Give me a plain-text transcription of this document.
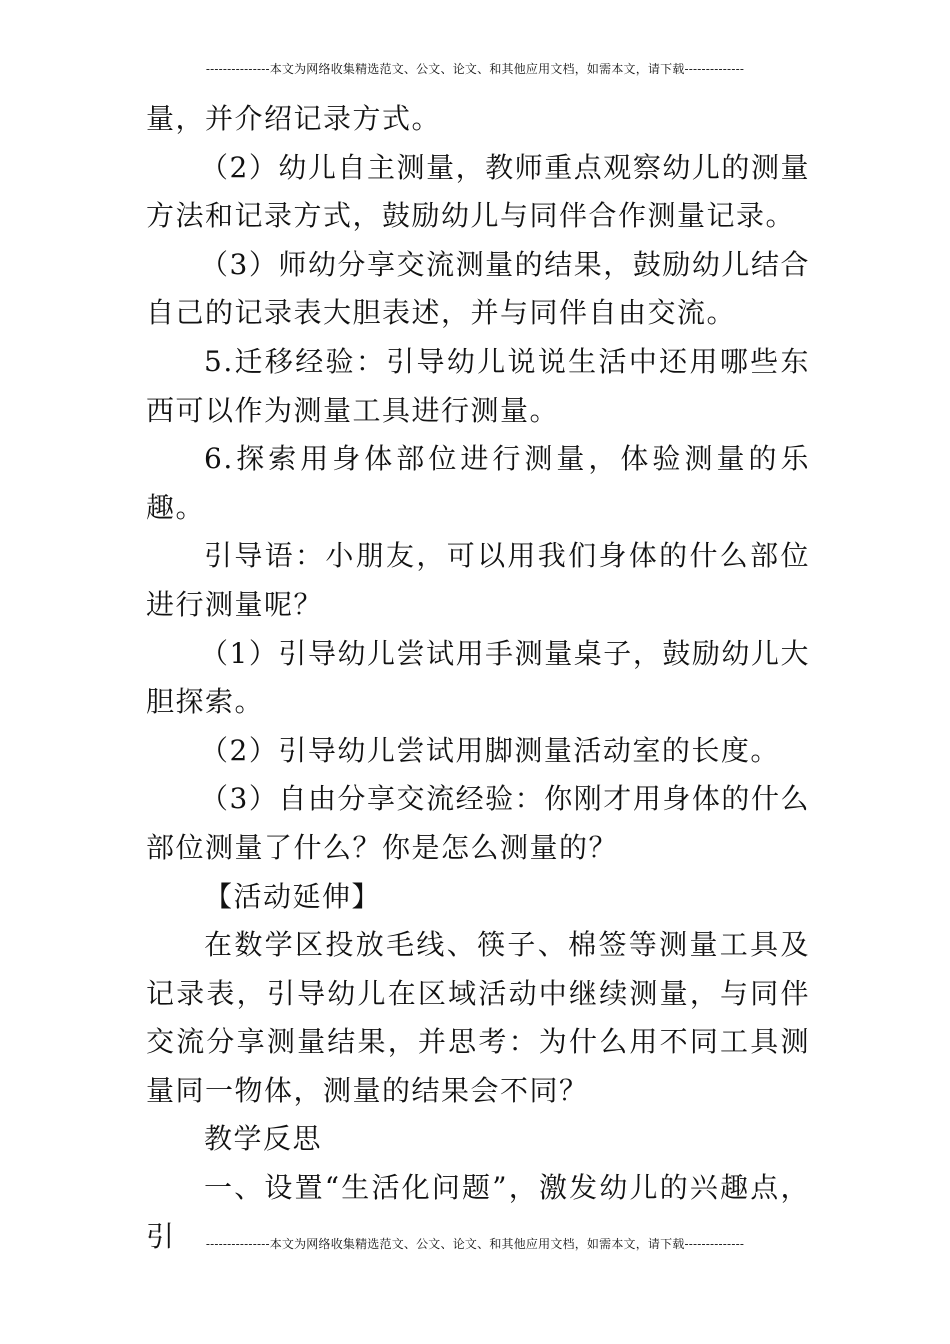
---------------本文为网络收集精选范文、公文、论文、和其他应用文档，如需本文，请下载--------------

量，并介绍记录方式。

（2）幼儿自主测量，教师重点观察幼儿的测量方法和记录方式，鼓励幼儿与同伴合作测量记录。

（3）师幼分享交流测量的结果，鼓励幼儿结合自己的记录表大胆表述，并与同伴自由交流。

5.迁移经验：引导幼儿说说生活中还用哪些东西可以作为测量工具进行测量。

6.探索用身体部位进行测量，体验测量的乐趣。

引导语：小朋友，可以用我们身体的什么部位进行测量呢？

（1）引导幼儿尝试用手测量桌子，鼓励幼儿大胆探索。

（2）引导幼儿尝试用脚测量活动室的长度。

（3）自由分享交流经验：你刚才用身体的什么部位测量了什么？你是怎么测量的？

【活动延伸】

在数学区投放毛线、筷子、棉签等测量工具及记录表，引导幼儿在区域活动中继续测量，与同伴交流分享测量结果，并思考：为什么用不同工具测量同一物体，测量的结果会不同？

教学反思

一、设置“生活化问题”，激发幼儿的兴趣点，引	---------------本文为网络收集精选范文、公文、论文、和其他应用文档，如需本文，请下载--------------
